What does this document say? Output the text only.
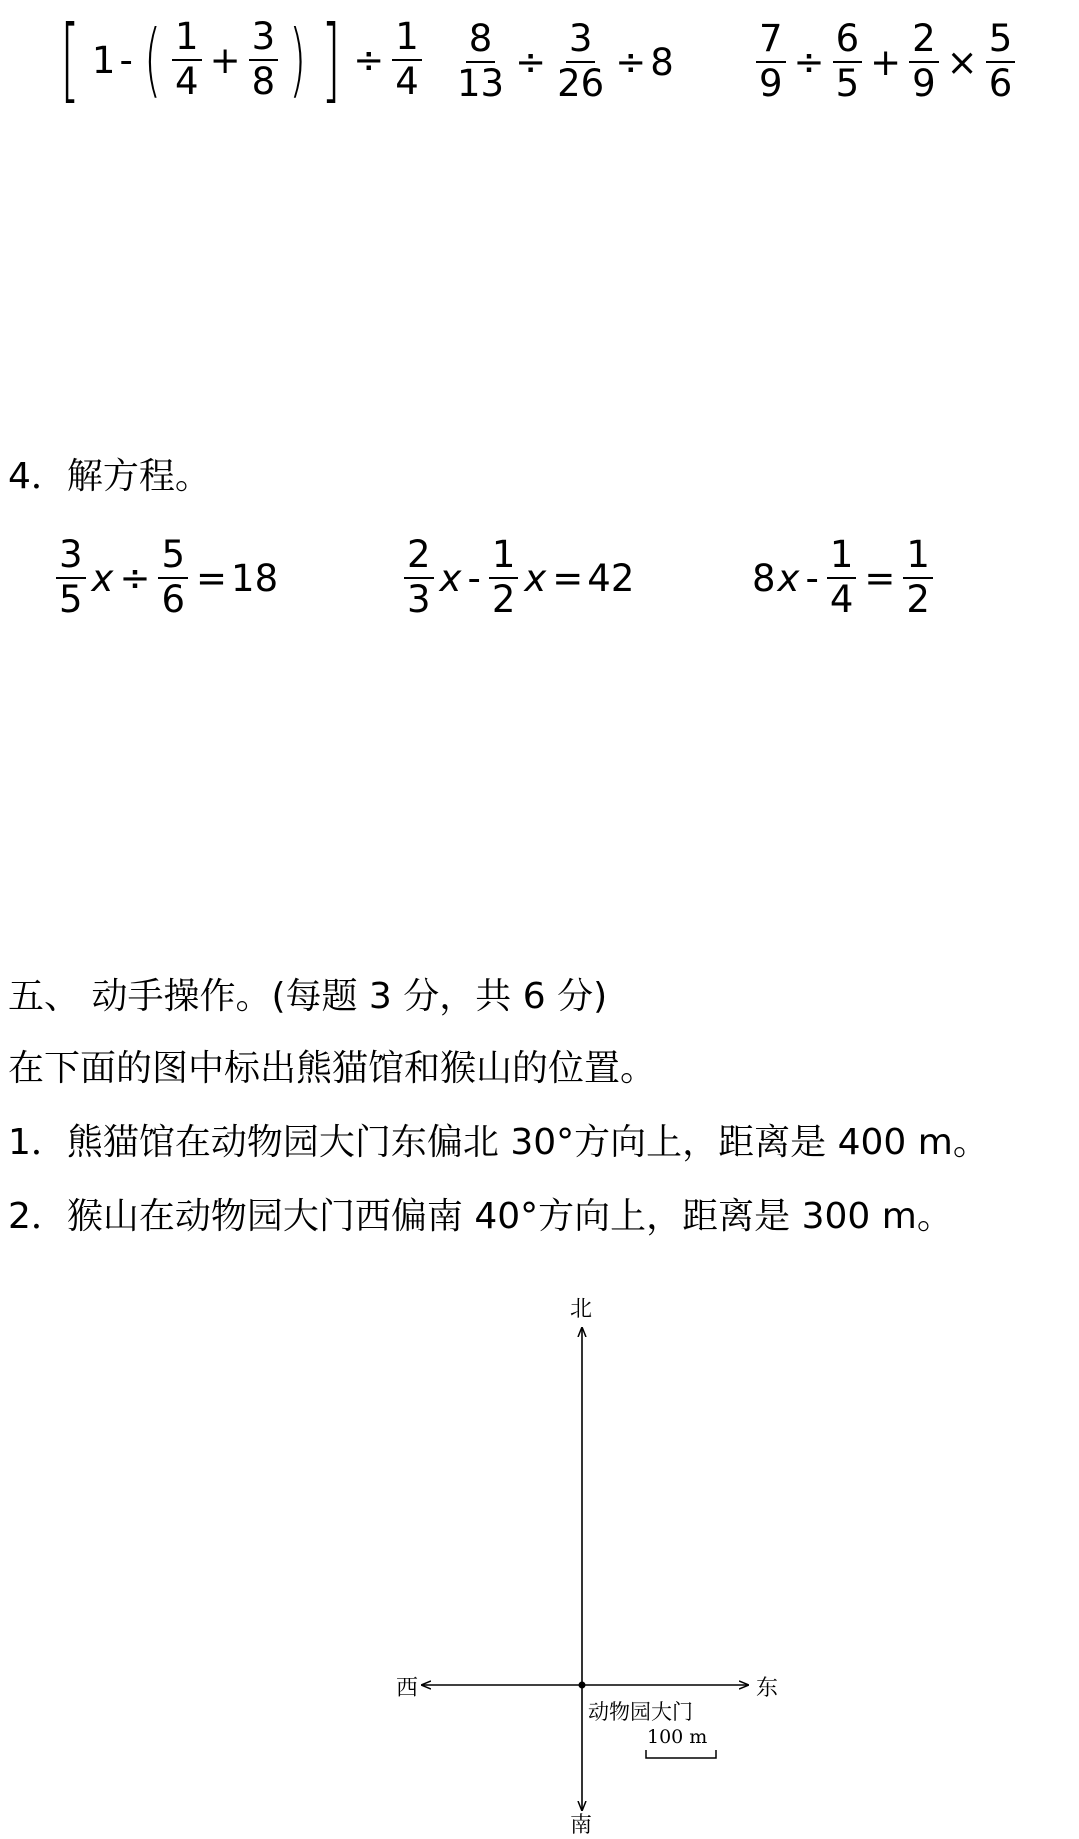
[ 1 - ( $\frac{1}{4} + \frac{3}{8}$ ) ] ÷ $\frac{1}{4} \frac{8}{13} \div \frac{3}{26} \div 8 \frac{7}{9} \div \frac{6}{5} + \frac{2}{9} \times \frac{5}{6}$
4．解方程。
$\frac{3}{5}$ $x \div \frac{5}{6} = 18$	$\frac{2}{3}$ x - $\frac{1}{2}$ x = 42	8 $x - \frac{1}{4} = \frac{1}{2}$
五、 动手操作。(每题 3 分，共 6 分)
在下面的图中标出熊猫馆和猴山的位置。
1．熊猫馆在动物园大门东偏北 30°方向上，距离是 400 m。
2．猴山在动物园大门西偏南 40°方向上，距离是 300 m。
北
南
西	东
动物园大门
100 m
